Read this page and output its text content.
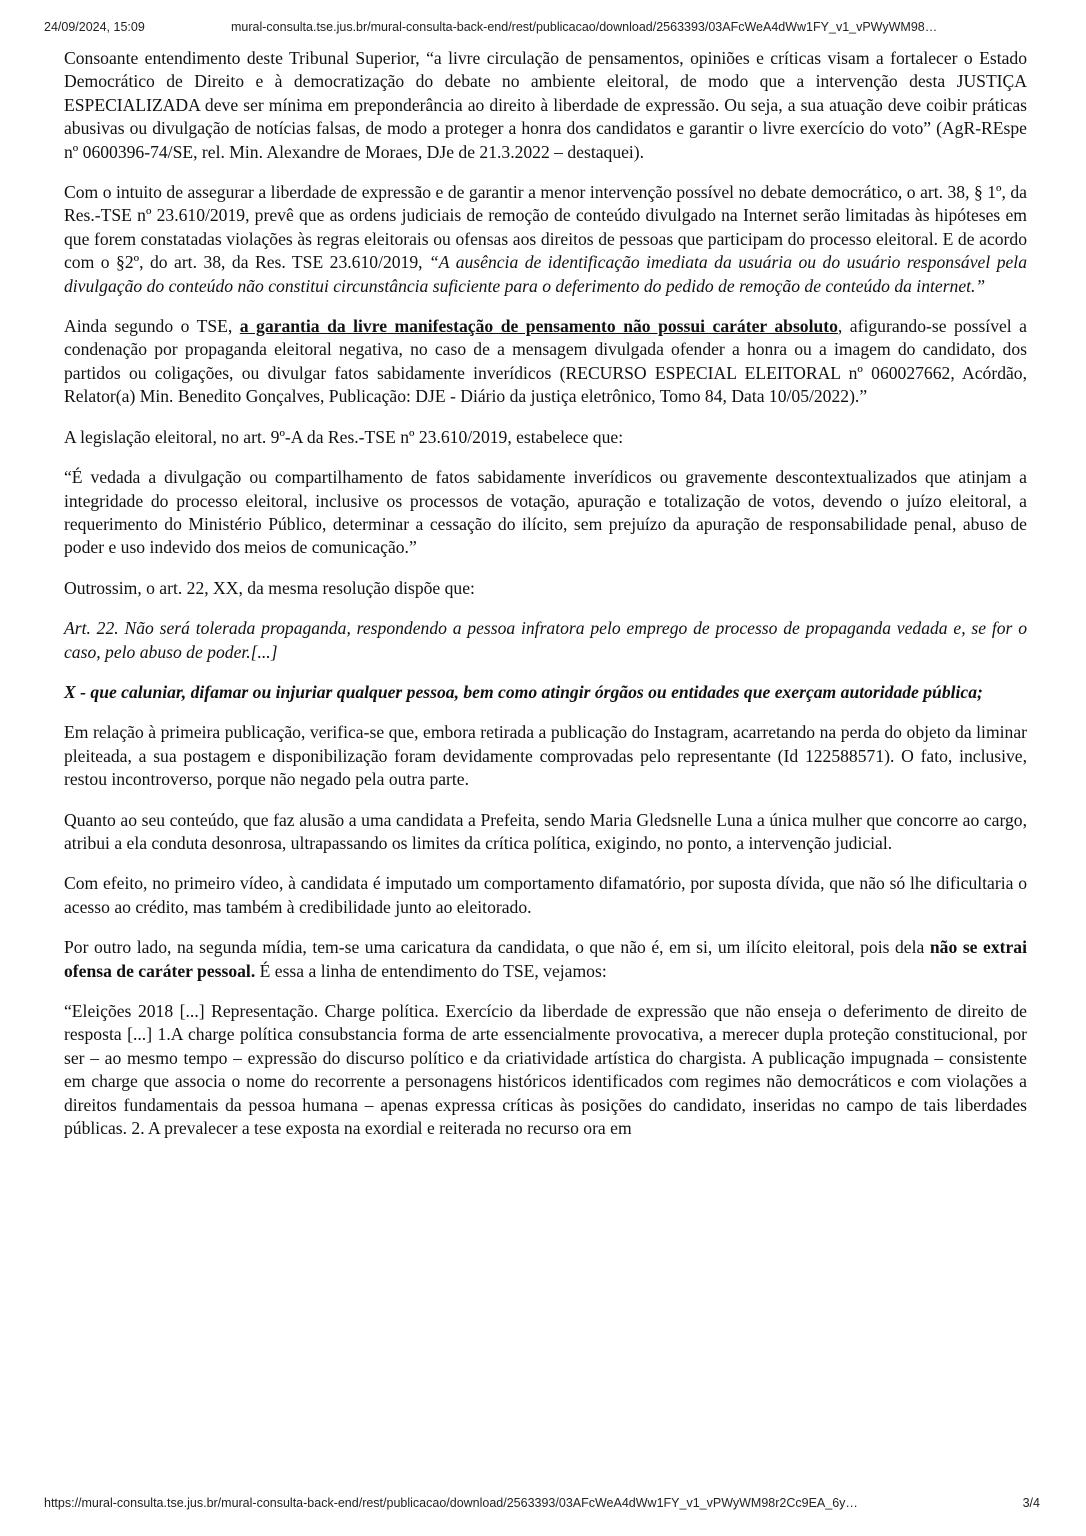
24/09/2024, 15:09	mural-consulta.tse.jus.br/mural-consulta-back-end/rest/publicacao/download/2563393/03AFcWeA4dWw1FY_v1_vPWyWM98…

Consoante entendimento deste Tribunal Superior, “a livre circulação de pensamentos, opiniões e críticas visam a fortalecer o Estado Democrático de Direito e à democratização do debate no ambiente eleitoral, de modo que a intervenção desta JUSTIÇA ESPECIALIZADA deve ser mínima em preponderância ao direito à liberdade de expressão. Ou seja, a sua atuação deve coibir práticas abusivas ou divulgação de notícias falsas, de modo a proteger a honra dos candidatos e garantir o livre exercício do voto” (AgR-REspe nº 0600396-74/SE, rel. Min. Alexandre de Moraes, DJe de 21.3.2022 – destaquei).

Com o intuito de assegurar a liberdade de expressão e de garantir a menor intervenção possível no debate democrático, o art. 38, § 1º, da Res.-TSE nº 23.610/2019, prevê que as ordens judiciais de remoção de conteúdo divulgado na Internet serão limitadas às hipóteses em que forem constatadas violações às regras eleitorais ou ofensas aos direitos de pessoas que participam do processo eleitoral. E de acordo com o §2º, do art. 38, da Res. TSE 23.610/2019, “A ausência de identificação imediata da usuária ou do usuário responsável pela divulgação do conteúdo não constitui circunstância suficiente para o deferimento do pedido de remoção de conteúdo da internet.”

Ainda segundo o TSE, a garantia da livre manifestação de pensamento não possui caráter absoluto, afigurando-se possível a condenação por propaganda eleitoral negativa, no caso de a mensagem divulgada ofender a honra ou a imagem do candidato, dos partidos ou coligações, ou divulgar fatos sabidamente inverídicos (RECURSO ESPECIAL ELEITORAL nº 060027662, Acórdão, Relator(a) Min. Benedito Gonçalves, Publicação: DJE - Diário da justiça eletrônico, Tomo 84, Data 10/05/2022).”

A legislação eleitoral, no art. 9º-A da Res.-TSE nº 23.610/2019, estabelece que:

“É vedada a divulgação ou compartilhamento de fatos sabidamente inverídicos ou gravemente descontextualizados que atinjam a integridade do processo eleitoral, inclusive os processos de votação, apuração e totalização de votos, devendo o juízo eleitoral, a requerimento do Ministério Público, determinar a cessação do ilícito, sem prejuízo da apuração de responsabilidade penal, abuso de poder e uso indevido dos meios de comunicação.”

Outrossim, o art. 22, XX, da mesma resolução dispõe que:

Art. 22. Não será tolerada propaganda, respondendo a pessoa infratora pelo emprego de processo de propaganda vedada e, se for o caso, pelo abuso de poder.[...]

X - que caluniar, difamar ou injuriar qualquer pessoa, bem como atingir órgãos ou entidades que exerçam autoridade pública;

Em relação à primeira publicação, verifica-se que, embora retirada a publicação do Instagram, acarretando na perda do objeto da liminar pleiteada, a sua postagem e disponibilização foram devidamente comprovadas pelo representante (Id 122588571). O fato, inclusive, restou incontroverso, porque não negado pela outra parte.

Quanto ao seu conteúdo, que faz alusão a uma candidata a Prefeita, sendo Maria Gledsnelle Luna a única mulher que concorre ao cargo, atribui a ela conduta desonrosa, ultrapassando os limites da crítica política, exigindo, no ponto, a intervenção judicial.

Com efeito, no primeiro vídeo, à candidata é imputado um comportamento difamatório, por suposta dívida, que não só lhe dificultaria o acesso ao crédito, mas também à credibilidade junto ao eleitorado.

Por outro lado, na segunda mídia, tem-se uma caricatura da candidata, o que não é, em si, um ilícito eleitoral, pois dela não se extrai ofensa de caráter pessoal. É essa a linha de entendimento do TSE, vejamos:

“Eleições 2018 [...] Representação. Charge política. Exercício da liberdade de expressão que não enseja o deferimento de direito de resposta [...] 1.A charge política consubstancia forma de arte essencialmente provocativa, a merecer dupla proteção constitucional, por ser – ao mesmo tempo – expressão do discurso político e da criatividade artística do chargista. A publicação impugnada – consistente em charge que associa o nome do recorrente a personagens históricos identificados com regimes não democráticos e com violações a direitos fundamentais da pessoa humana – apenas expressa críticas às posições do candidato, inseridas no campo de tais liberdades públicas. 2. A prevalecer a tese exposta na exordial e reiterada no recurso ora em

https://mural-consulta.tse.jus.br/mural-consulta-back-end/rest/publicacao/download/2563393/03AFcWeA4dWw1FY_v1_vPWyWM98r2Cc9EA_6y…	3/4
